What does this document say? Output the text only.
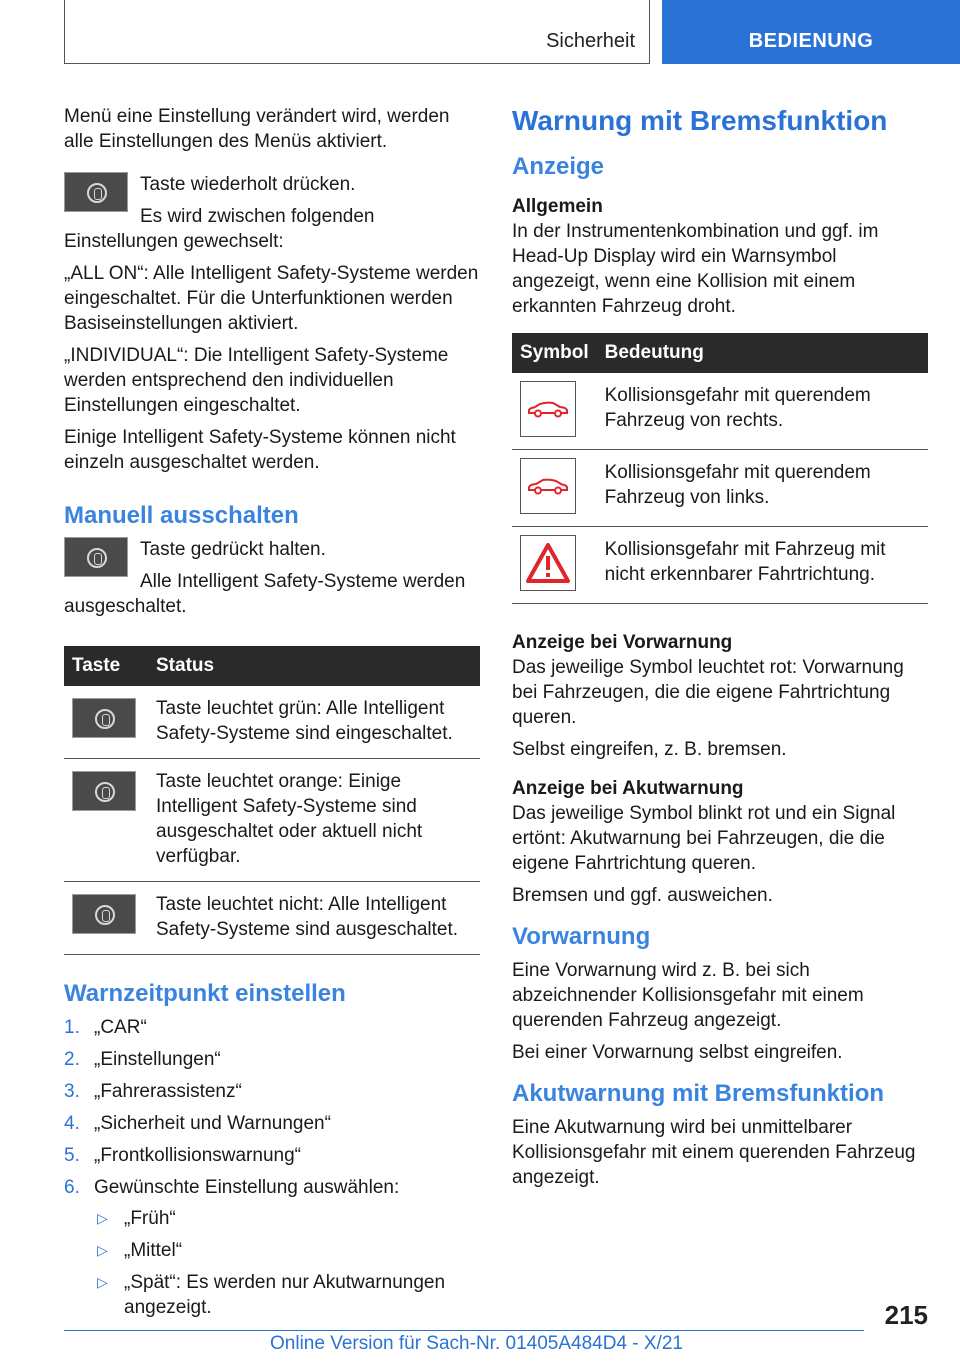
Sicherheit	BEDIENUNG

Menü eine Einstellung verändert wird, werden alle Einstellungen des Menüs aktiviert.

Taste wiederholt drücken.

Es wird zwischen folgenden Einstellungen gewechselt:

„ALL ON“: Alle Intelligent Safety-Systeme werden eingeschaltet. Für die Unterfunktionen werden Basiseinstellungen aktiviert.

„INDIVIDUAL“: Die Intelligent Safety-Systeme werden entsprechend den individuellen Einstellungen eingeschaltet.

Einige Intelligent Safety-Systeme können nicht einzeln ausgeschaltet werden.

Manuell ausschalten

Taste gedrückt halten.

Alle Intelligent Safety-Systeme werden ausgeschaltet.

Taste	Status

	Taste leuchtet grün: Alle Intelligent Safety-Systeme sind eingeschaltet.

	Taste leuchtet orange: Einige Intelligent Safety-Systeme sind ausgeschaltet oder aktuell nicht verfügbar.

	Taste leuchtet nicht: Alle Intelligent Safety-Systeme sind ausgeschaltet.
Warnzeitpunkt einstellen
1. „CAR“
2. „Einstellungen“
3. „Fahrerassistenz“
4. „Sicherheit und Warnungen“
5. „Frontkollisionswarnung“
6. Gewünschte Einstellung auswählen:
▷ „Früh“
▷ „Mittel“
▷ „Spät“: Es werden nur Akutwarnungen angezeigt.
Warnung mit Bremsfunktion
Anzeige
Allgemein

In der Instrumentenkombination und ggf. im Head-Up Display wird ein Warnsymbol angezeigt, wenn eine Kollision mit einem erkannten Fahrzeug droht.

Symbol	Bedeutung

	Kollisionsgefahr mit querendem Fahrzeug von rechts.

	Kollisionsgefahr mit querendem Fahrzeug von links.

	Kollisionsgefahr mit Fahrzeug mit nicht erkennbarer Fahrtrichtung.
Anzeige bei Vorwarnung

Das jeweilige Symbol leuchtet rot: Vorwarnung bei Fahrzeugen, die die eigene Fahrtrichtung queren.

Selbst eingreifen, z. B. bremsen.

Anzeige bei Akutwarnung

Das jeweilige Symbol blinkt rot und ein Signal ertönt: Akutwarnung bei Fahrzeugen, die die eigene Fahrtrichtung queren.

Bremsen und ggf. ausweichen.

Vorwarnung

Eine Vorwarnung wird z. B. bei sich abzeichnender Kollisionsgefahr mit einem querenden Fahrzeug angezeigt.

Bei einer Vorwarnung selbst eingreifen.

Akutwarnung mit Bremsfunktion

Eine Akutwarnung wird bei unmittelbarer Kollisionsgefahr mit einem querenden Fahrzeug angezeigt.

215
Online Version für Sach-Nr. 01405A484D4 - X/21
